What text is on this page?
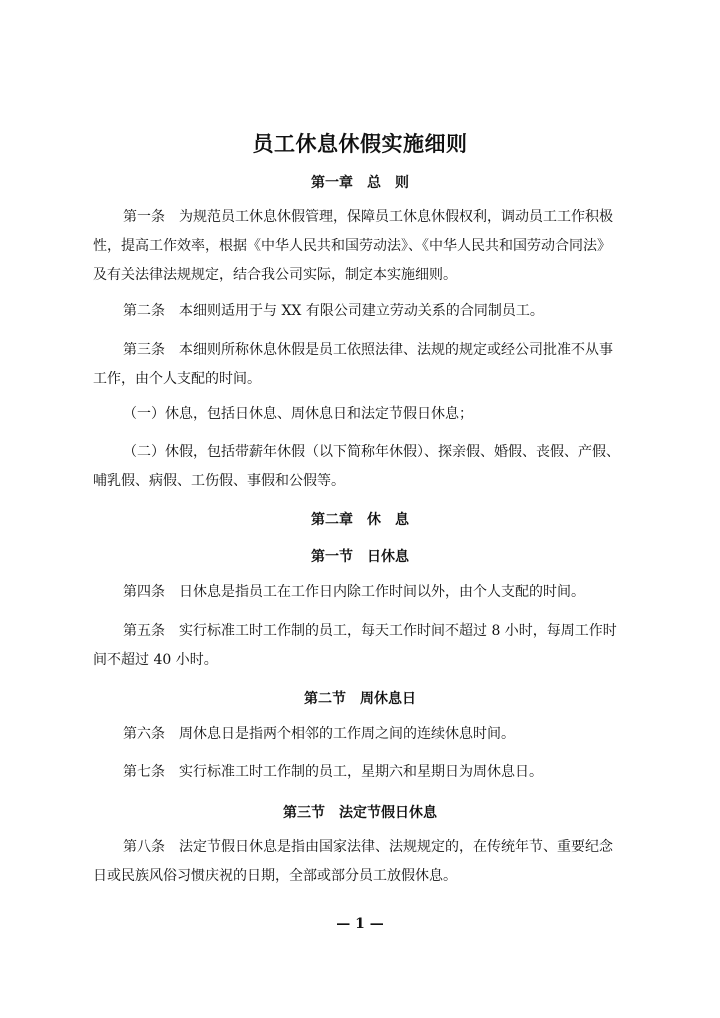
员工休息休假实施细则
第一章 总　则
第一条 为规范员工休息休假管理，保障员工休息休假权利，调动员工工作积极
性，提高工作效率，根据《中华人民共和国劳动法》、《中华人民共和国劳动合同法》
及有关法律法规规定，结合我公司实际，制定本实施细则。
第二条 本细则适用于与 XX 有限公司建立劳动关系的合同制员工。
第三条 本细则所称休息休假是员工依照法律、法规的规定或经公司批准不从事
工作，由个人支配的时间。
（一）休息，包括日休息、周休息日和法定节假日休息；
（二）休假，包括带薪年休假（以下简称年休假）、探亲假、婚假、丧假、产假、
哺乳假、病假、工伤假、事假和公假等。
第二章 休　息
第一节 日休息
第四条 日休息是指员工在工作日内除工作时间以外，由个人支配的时间。
第五条 实行标准工时工作制的员工，每天工作时间不超过 8 小时，每周工作时
间不超过 40 小时。
第二节 周休息日
第六条 周休息日是指两个相邻的工作周之间的连续休息时间。
第七条 实行标准工时工作制的员工，星期六和星期日为周休息日。
第三节 法定节假日休息
第八条 法定节假日休息是指由国家法律、法规规定的，在传统年节、重要纪念
日或民族风俗习惯庆祝的日期，全部或部分员工放假休息。
— 1 —
